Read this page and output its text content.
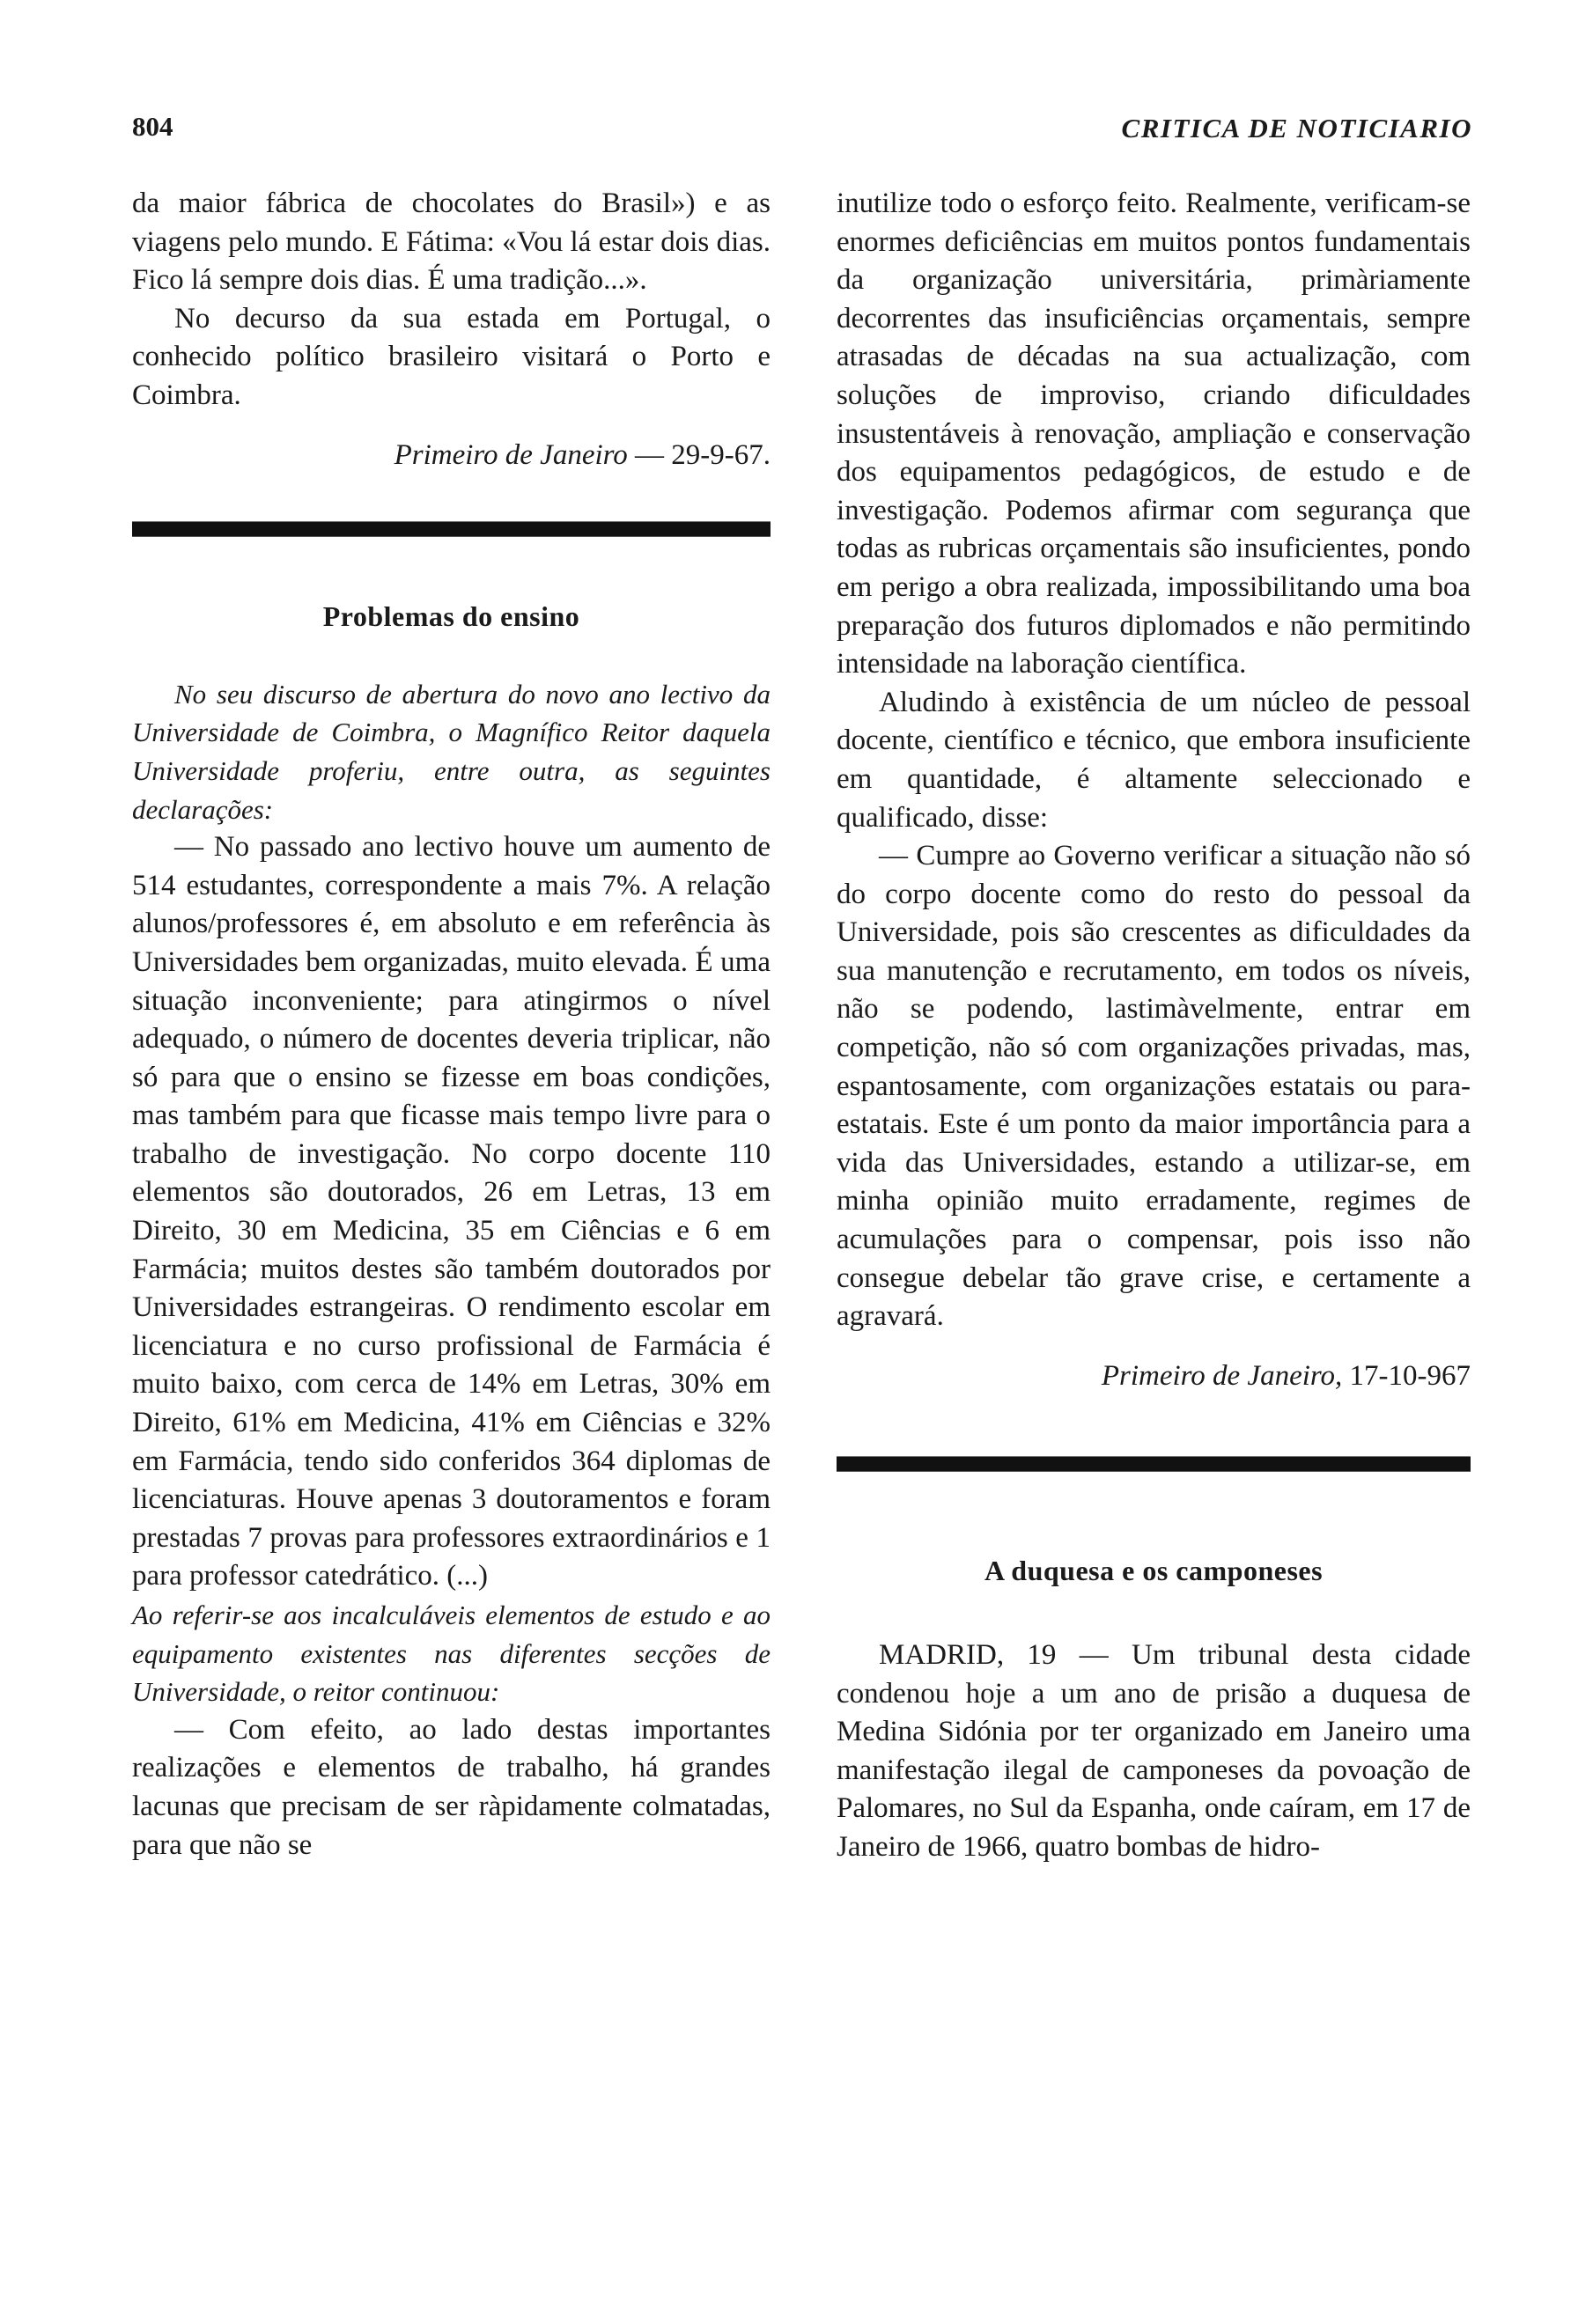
804	CRITICA DE NOTICIARIO

da maior fábrica de chocolates do Brasil») e as viagens pelo mundo. E Fátima: «Vou lá estar dois dias. Fico lá sempre dois dias. É uma tradição...».

No decurso da sua estada em Portugal, o conhecido político brasileiro visitará o Porto e Coimbra.

Primeiro de Janeiro — 29-9-67.

Problemas do ensino

No seu discurso de abertura do novo ano lectivo da Universidade de Coimbra, o Magnífico Reitor daquela Universidade proferiu, entre outra, as seguintes declarações:

— No passado ano lectivo houve um aumento de 514 estudantes, correspondente a mais 7%. A relação alunos/professores é, em absoluto e em referência às Universidades bem organizadas, muito elevada. É uma situação inconveniente; para atingirmos o nível adequado, o número de docentes deveria triplicar, não só para que o ensino se fizesse em boas condições, mas também para que ficasse mais tempo livre para o trabalho de investigação. No corpo docente 110 elementos são doutorados, 26 em Letras, 13 em Direito, 30 em Medicina, 35 em Ciências e 6 em Farmácia; muitos destes são também doutorados por Universidades estrangeiras. O rendimento escolar em licenciatura e no curso profissional de Farmácia é muito baixo, com cerca de 14% em Letras, 30% em Direito, 61% em Medicina, 41% em Ciências e 32% em Farmácia, tendo sido conferidos 364 diplomas de licenciaturas. Houve apenas 3 doutoramentos e foram prestadas 7 provas para professores extraordinários e 1 para professor catedrático. (...)

Ao referir-se aos incalculáveis elementos de estudo e ao equipamento existentes nas diferentes secções de Universidade, o reitor continuou:

— Com efeito, ao lado destas importantes realizações e elementos de trabalho, há grandes lacunas que precisam de ser ràpidamente colmatadas, para que não se

inutilize todo o esforço feito. Realmente, verificam-se enormes deficiências em muitos pontos fundamentais da organização universitária, primàriamente decorrentes das insuficiências orçamentais, sempre atrasadas de décadas na sua actualização, com soluções de improviso, criando dificuldades insustentáveis à renovação, ampliação e conservação dos equipamentos pedagógicos, de estudo e de investigação. Podemos afirmar com segurança que todas as rubricas orçamentais são insuficientes, pondo em perigo a obra realizada, impossibilitando uma boa preparação dos futuros diplomados e não permitindo intensidade na laboração científica.

Aludindo à existência de um núcleo de pessoal docente, científico e técnico, que embora insuficiente em quantidade, é altamente seleccionado e qualificado, disse:

— Cumpre ao Governo verificar a situação não só do corpo docente como do resto do pessoal da Universidade, pois são crescentes as dificuldades da sua manutenção e recrutamento, em todos os níveis, não se podendo, lastimàvelmente, entrar em competição, não só com organizações privadas, mas, espantosamente, com organizações estatais ou para-estatais. Este é um ponto da maior importância para a vida das Universidades, estando a utilizar-se, em minha opinião muito erradamente, regimes de acumulações para o compensar, pois isso não consegue debelar tão grave crise, e certamente a agravará.

Primeiro de Janeiro, 17-10-967

A duquesa e os camponeses

MADRID, 19 — Um tribunal desta cidade condenou hoje a um ano de prisão a duquesa de Medina Sidónia por ter organizado em Janeiro uma manifestação ilegal de camponeses da povoação de Palomares, no Sul da Espanha, onde caíram, em 17 de Janeiro de 1966, quatro bombas de hidro-
